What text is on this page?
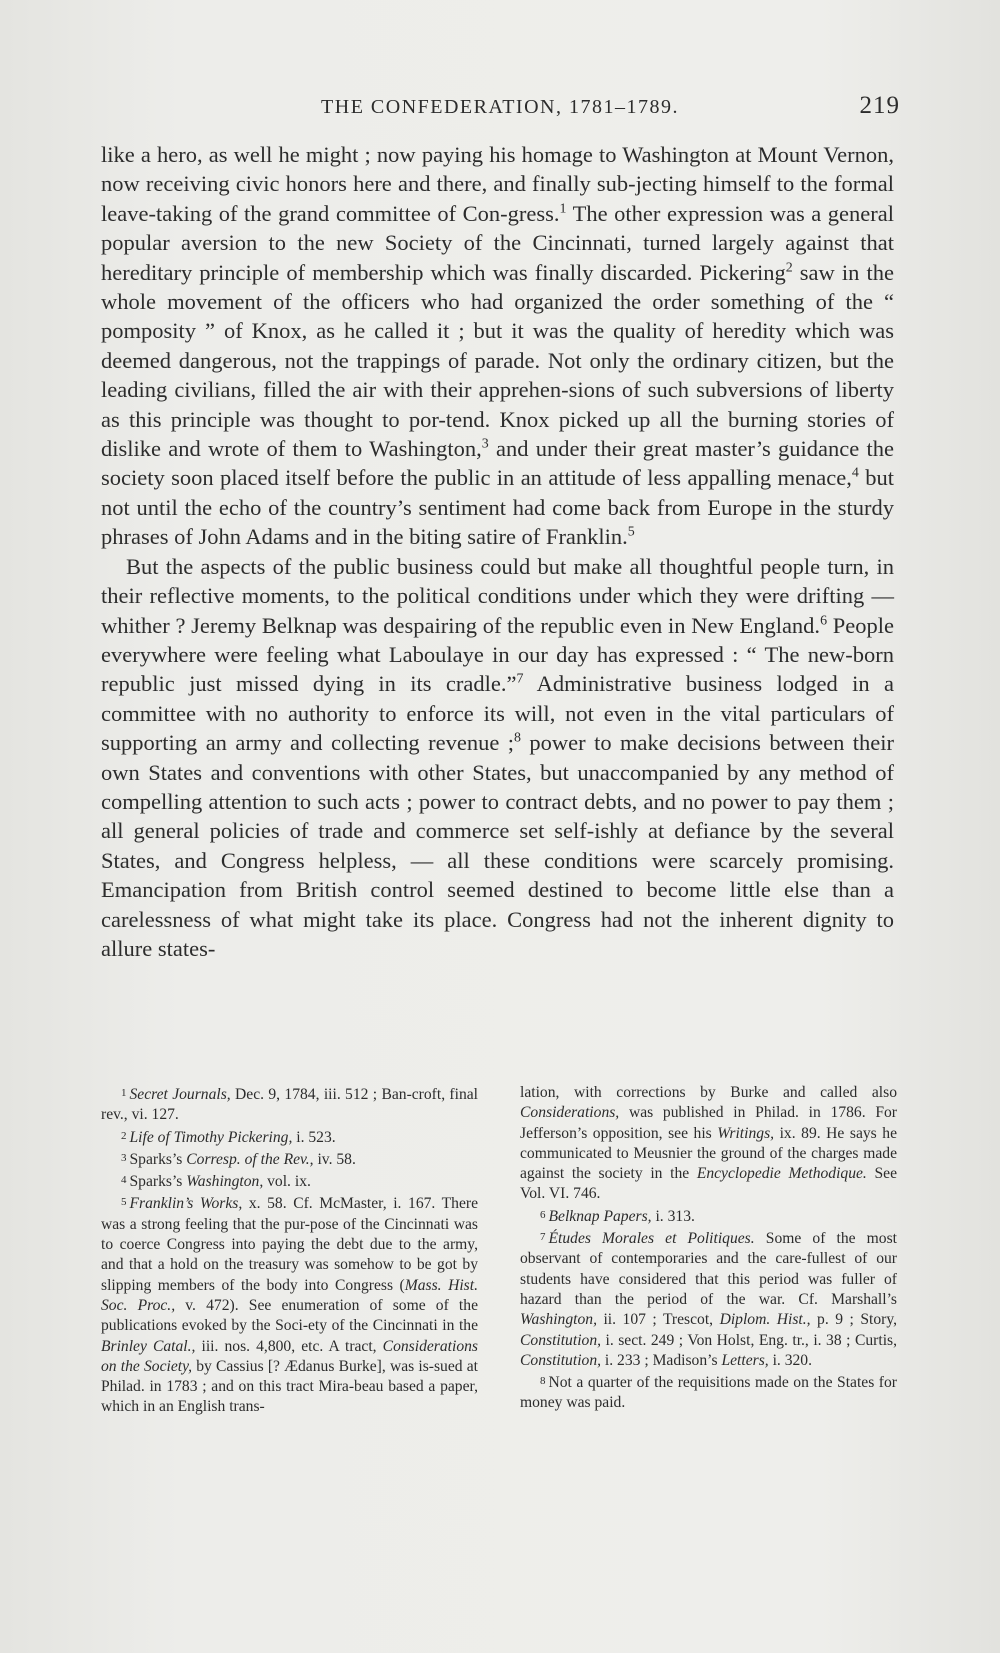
THE CONFEDERATION, 1781–1789.	219

like a hero, as well he might ; now paying his homage to Washington at Mount Vernon, now receiving civic honors here and there, and finally sub-jecting himself to the formal leave-taking of the grand committee of Con-gress.$^1$ The other expression was a general popular aversion to the new Society of the Cincinnati, turned largely against that hereditary principle of membership which was finally discarded. Pickering$^2$ saw in the whole movement of the officers who had organized the order something of the “ pomposity ” of Knox, as he called it ; but it was the quality of heredity which was deemed dangerous, not the trappings of parade. Not only the ordinary citizen, but the leading civilians, filled the air with their apprehen-sions of such subversions of liberty as this principle was thought to por-tend. Knox picked up all the burning stories of dislike and wrote of them to Washington,$^3$ and under their great master’s guidance the society soon placed itself before the public in an attitude of less appalling menace,$^4$ but not until the echo of the country’s sentiment had come back from Europe in the sturdy phrases of John Adams and in the biting satire of Franklin.$^5$

But the aspects of the public business could but make all thoughtful people turn, in their reflective moments, to the political conditions under which they were drifting — whither ? Jeremy Belknap was despairing of the republic even in New England.$^6$ People everywhere were feeling what Laboulaye in our day has expressed : “ The new-born republic just missed dying in its cradle.”$^7$ Administrative business lodged in a committee with no authority to enforce its will, not even in the vital particulars of supporting an army and collecting revenue ;$^8$ power to make decisions between their own States and conventions with other States, but unaccompanied by any method of compelling attention to such acts ; power to contract debts, and no power to pay them ; all general policies of trade and commerce set self-ishly at defiance by the several States, and Congress helpless, — all these conditions were scarcely promising. Emancipation from British control seemed destined to become little else than a carelessness of what might take its place. Congress had not the inherent dignity to allure states-

1 Secret Journals, Dec. 9, 1784, iii. 512 ; Ban-croft, final rev., vi. 127.

2 Life of Timothy Pickering, i. 523.

3 Sparks’s Corresp. of the Rev., iv. 58.

4 Sparks’s Washington, vol. ix.

5 Franklin’s Works, x. 58. Cf. McMaster, i. 167. There was a strong feeling that the pur-pose of the Cincinnati was to coerce Congress into paying the debt due to the army, and that a hold on the treasury was somehow to be got by slipping members of the body into Congress (Mass. Hist. Soc. Proc., v. 472). See enumeration of some of the publications evoked by the Soci-ety of the Cincinnati in the Brinley Catal., iii. nos. 4,800, etc. A tract, Considerations on the Society, by Cassius [? Ædanus Burke], was is-sued at Philad. in 1783 ; and on this tract Mira-beau based a paper, which in an English trans-

lation, with corrections by Burke and called also Considerations, was published in Philad. in 1786. For Jefferson’s opposition, see his Writings, ix. 89. He says he communicated to Meusnier the ground of the charges made against the society in the Encyclopedie Methodique. See Vol. VI. 746.

6 Belknap Papers, i. 313.

7 Études Morales et Politiques. Some of the most observant of contemporaries and the care-fullest of our students have considered that this period was fuller of hazard than the period of the war. Cf. Marshall’s Washington, ii. 107 ; Trescot, Diplom. Hist., p. 9 ; Story, Constitution, i. sect. 249 ; Von Holst, Eng. tr., i. 38 ; Curtis, Constitution, i. 233 ; Madison’s Letters, i. 320.

8 Not a quarter of the requisitions made on the States for money was paid.
